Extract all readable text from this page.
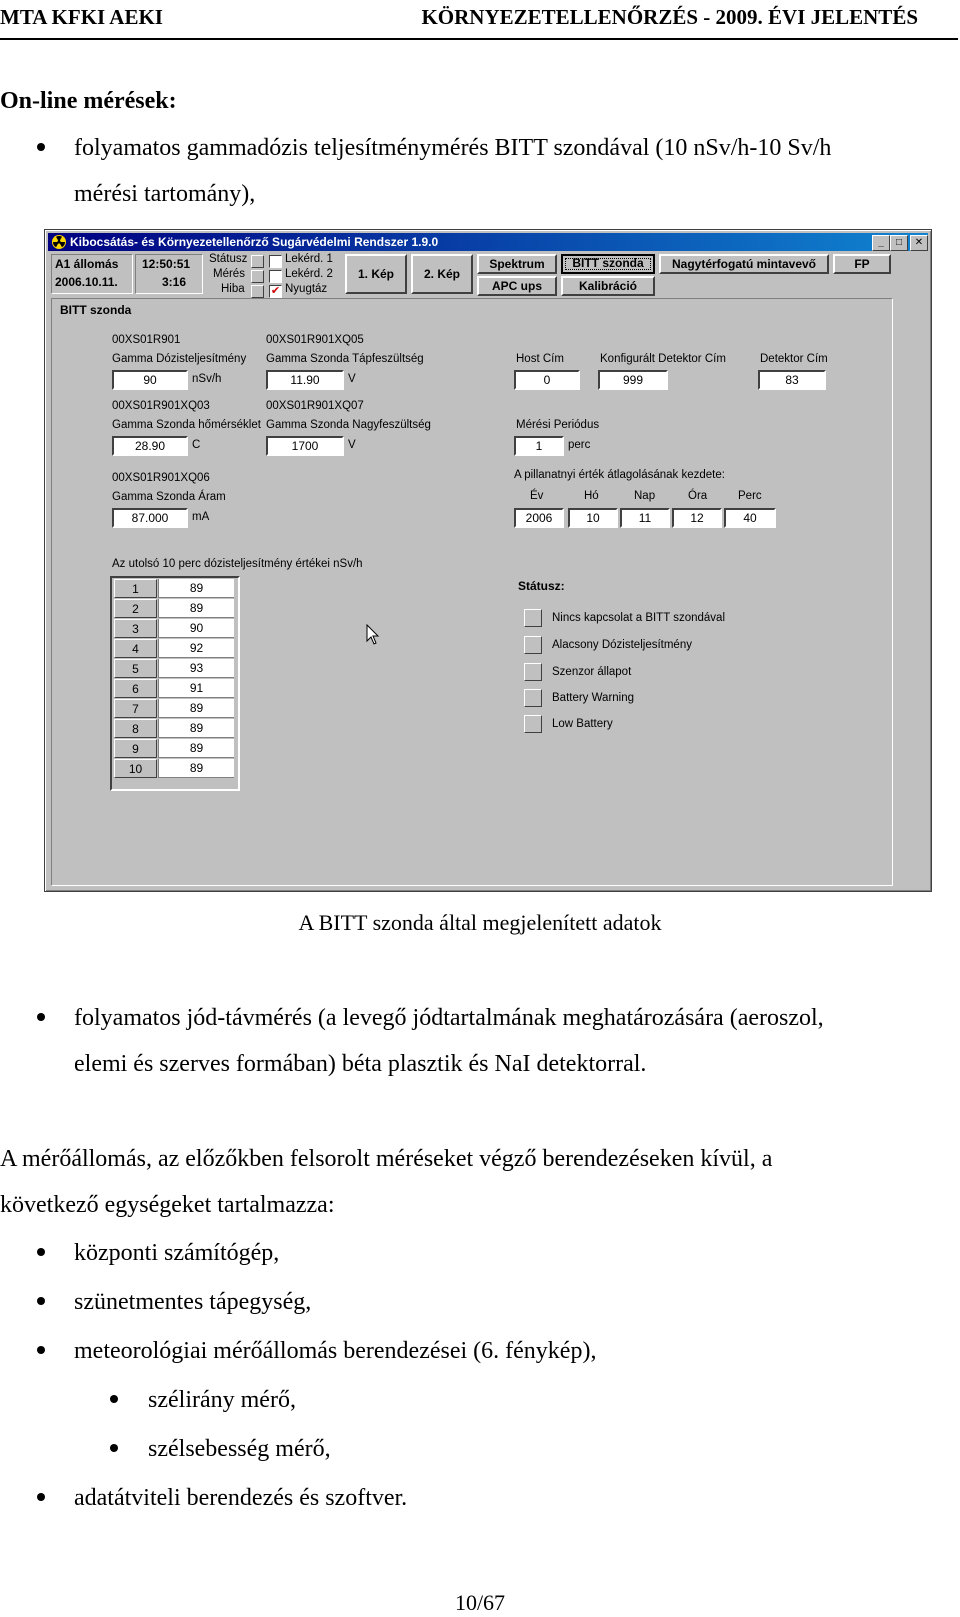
MTA KFKI AEKI	KÖRNYEZETELLENŐRZÉS - 2009. ÉVI JELENTÉS
On-line mérések:
folyamatos gammadózis teljesítménymérés BITT szondával (10 nSv/h-10 Sv/h
mérési tartomány),
Kibocsátás- és Környezetellenőrző Sugárvédelmi Rendszer 1.9.0	_	□	✕
A1 állomás
2006.10.11.
12:50:51
3:16
Státusz
Mérés
Hiba ✔
Lekérd. 1
Lekérd. 2
Nyugtáz
1. Kép	2. Kép
Spektrum
APC ups
BITT szonda
Kalibráció
Nagytérfogatú mintavevő	FP
BITT szonda
00XS01R901
Gamma Dózisteljesítmény
90	nSv/h
00XS01R901XQ05
Gamma Szonda Tápfeszültség
11.90	V
00XS01R901XQ03
Gamma Szonda hőmérséklet
28.90	C
00XS01R901XQ07
Gamma Szonda Nagyfeszültség
1700	V
00XS01R901XQ06
Gamma Szonda Áram
87.000	mA
Host Cím
0
Konfigurált Detektor Cím
999
Detektor Cím
83
Mérési Periódus
1	perc
A pillanatnyi érték átlagolásának kezdete:
Év	Hó	Nap	Óra	Perc
2006	10	11	12	40
Az utolsó 10 perc dózisteljesítmény értékei nSv/h
1	89
2	89
3	90
4	92
5	93
6	91
7	89
8	89
9	89
10	89
Státusz:
Nincs kapcsolat a BITT szondával
Alacsony Dózisteljesítmény
Szenzor állapot
Battery Warning
Low Battery
A BITT szonda által megjelenített adatok
folyamatos jód-távmérés (a levegő jódtartalmának meghatározására (aeroszol,
elemi és szerves formában) béta plasztik és NaI detektorral.
A mérőállomás, az előzőkben felsorolt méréseket végző berendezéseken kívül, a
következő egységeket tartalmazza:
központi számítógép,
szünetmentes tápegység,
meteorológiai mérőállomás berendezései (6. fénykép),
szélirány mérő,
szélsebesség mérő,
adatátviteli berendezés és szoftver.
10/67
